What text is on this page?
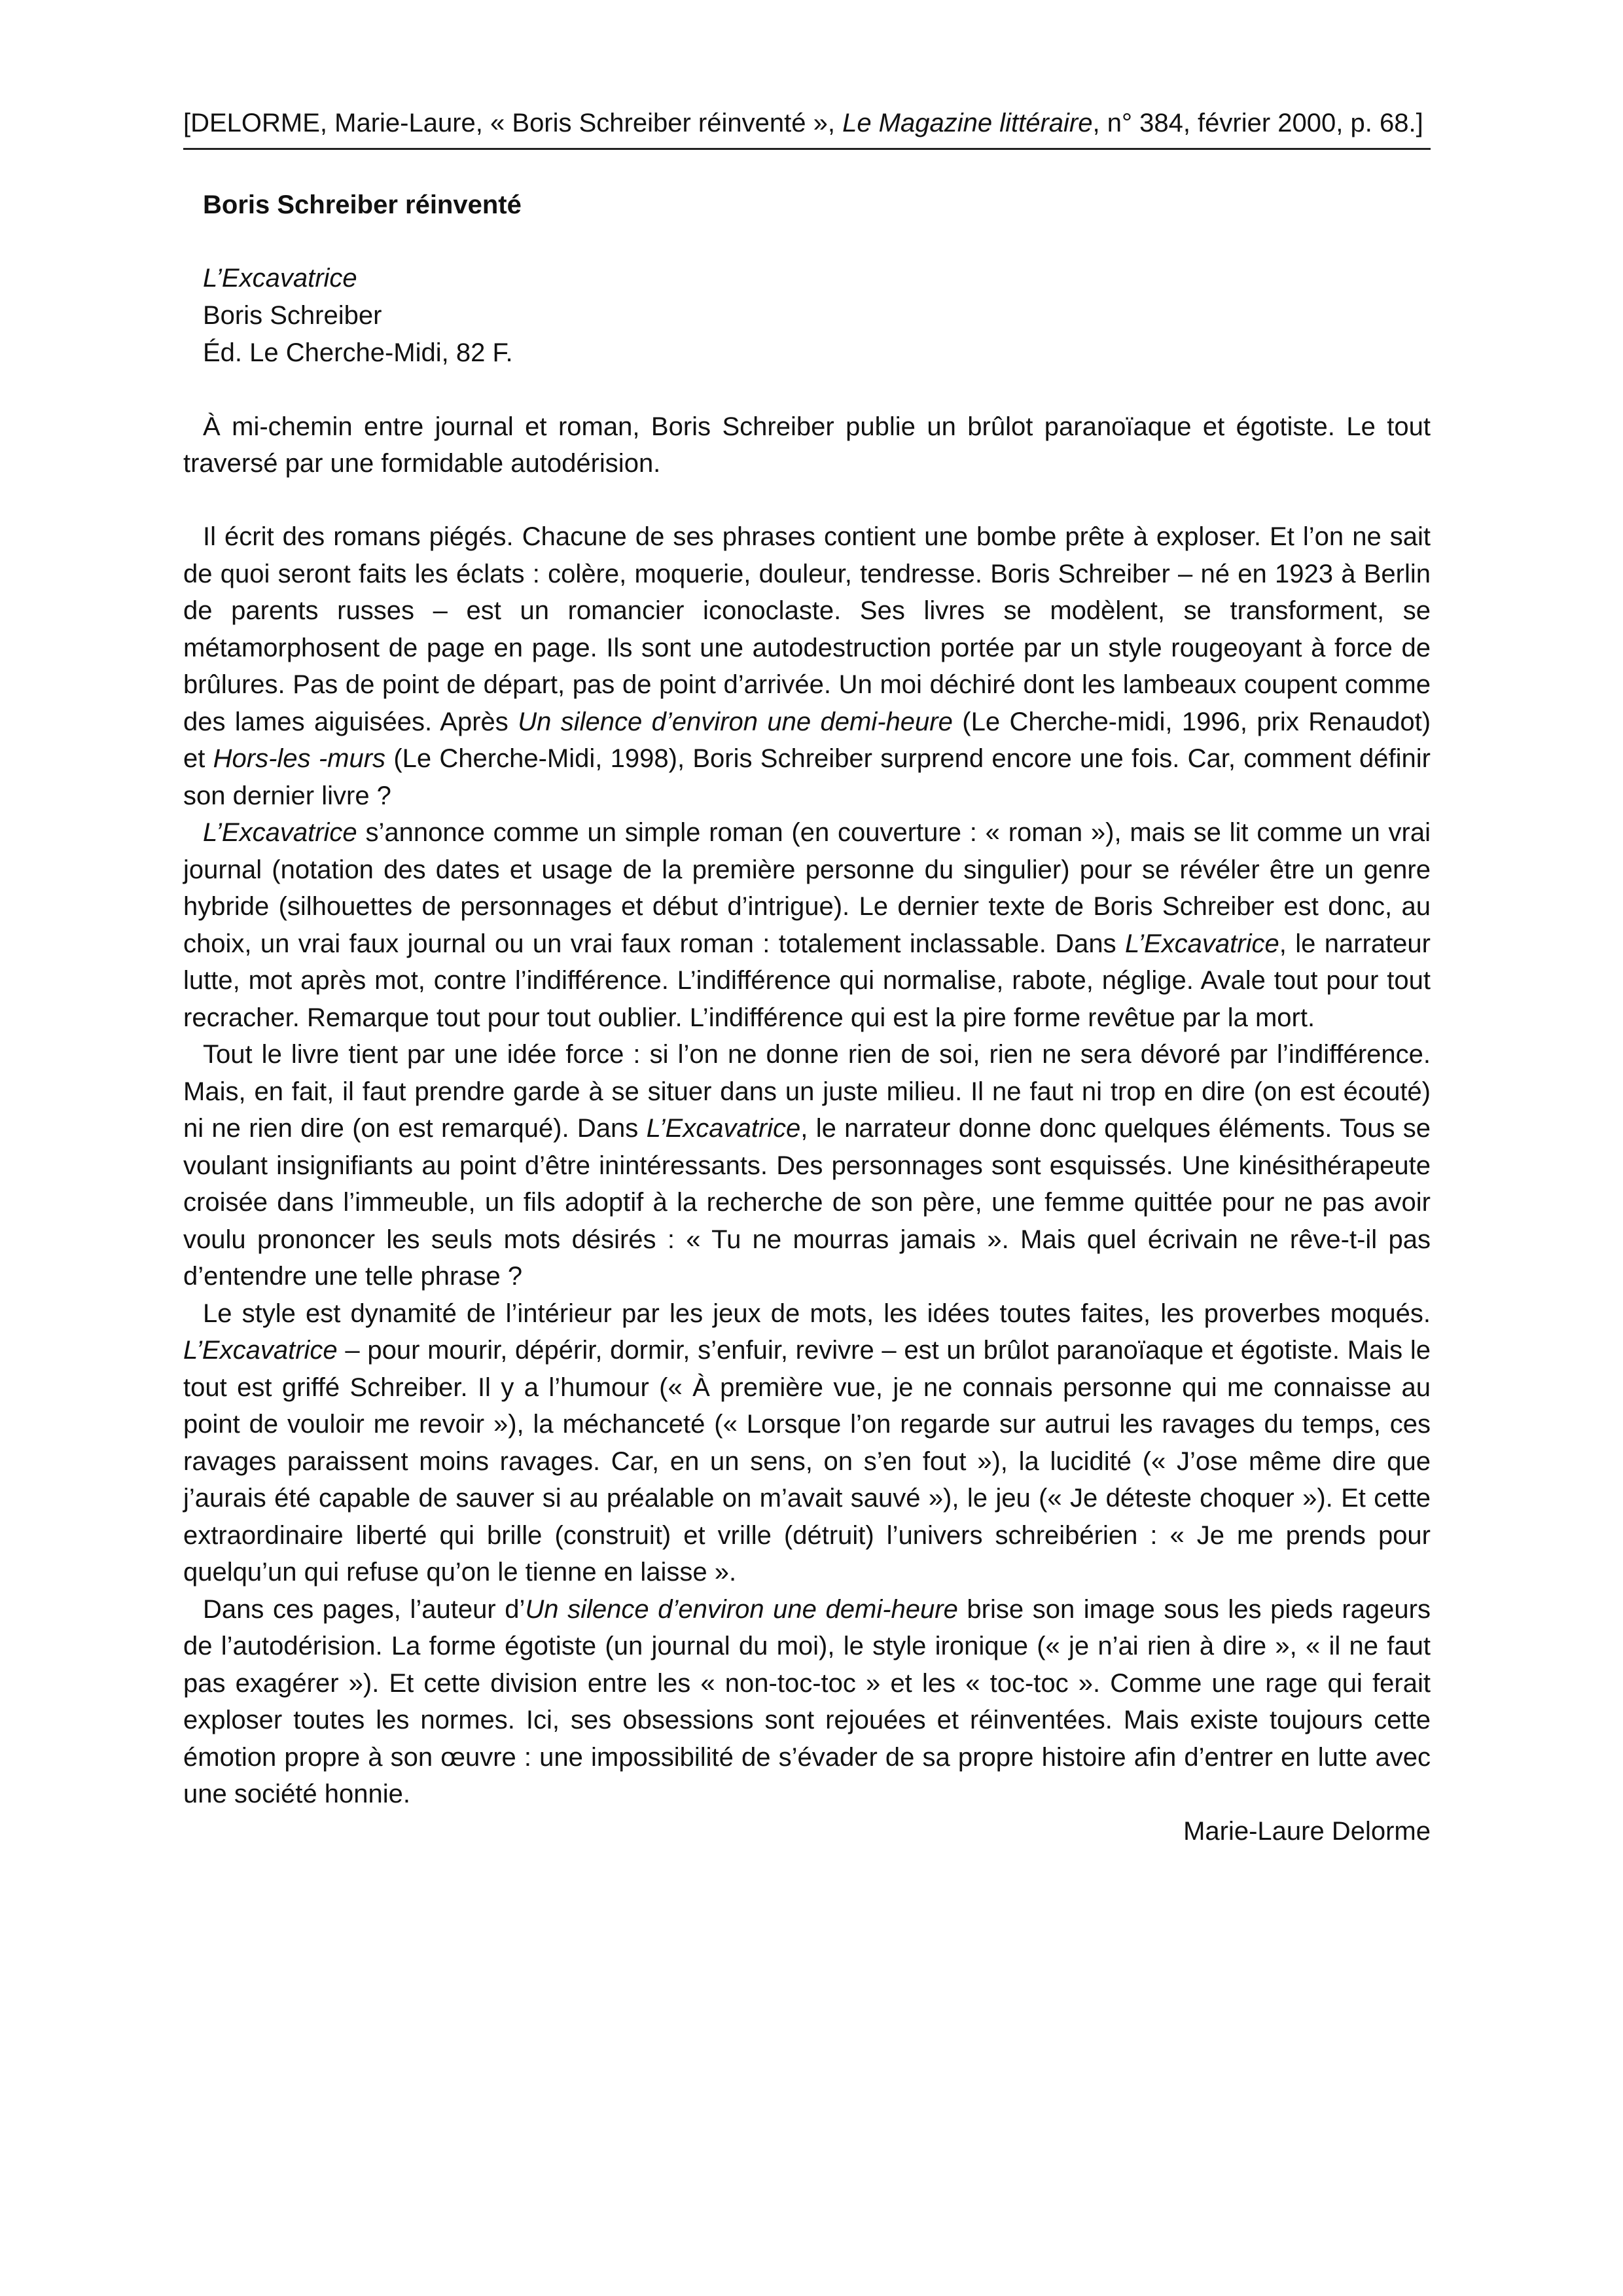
[DELORME, Marie-Laure, « Boris Schreiber réinventé », Le Magazine littéraire, n° 384, février 2000, p. 68.]
Boris Schreiber réinventé
L’Excavatrice
Boris Schreiber
Éd. Le Cherche-Midi, 82 F.

À mi-chemin entre journal et roman, Boris Schreiber publie un brûlot paranoïaque et égotiste. Le tout traversé par une formidable autodérision.

Il écrit des romans piégés. Chacune de ses phrases contient une bombe prête à exploser. Et l’on ne sait de quoi seront faits les éclats : colère, moquerie, douleur, tendresse. Boris Schreiber – né en 1923 à Berlin de parents russes – est un romancier iconoclaste. Ses livres se modèlent, se transforment, se métamorphosent de page en page. Ils sont une autodestruction portée par un style rougeoyant à force de brûlures. Pas de point de départ, pas de point d’arrivée. Un moi déchiré dont les lambeaux coupent comme des lames aiguisées. Après Un silence d’environ une demi-heure (Le Cherche-midi, 1996, prix Renaudot) et Hors-les -murs (Le Cherche-Midi, 1998), Boris Schreiber surprend encore une fois. Car, comment définir son dernier livre ?

L’Excavatrice s’annonce comme un simple roman (en couverture : « roman »), mais se lit comme un vrai journal (notation des dates et usage de la première personne du singulier) pour se révéler être un genre hybride (silhouettes de personnages et début d’intrigue). Le dernier texte de Boris Schreiber est donc, au choix, un vrai faux journal ou un vrai faux roman : totalement inclassable. Dans L’Excavatrice, le narrateur lutte, mot après mot, contre l’indifférence. L’indifférence qui normalise, rabote, néglige. Avale tout pour tout recracher. Remarque tout pour tout oublier. L’indifférence qui est la pire forme revêtue par la mort.

Tout le livre tient par une idée force : si l’on ne donne rien de soi, rien ne sera dévoré par l’indifférence. Mais, en fait, il faut prendre garde à se situer dans un juste milieu. Il ne faut ni trop en dire (on est écouté) ni ne rien dire (on est remarqué). Dans L’Excavatrice, le narrateur donne donc quelques éléments. Tous se voulant insignifiants au point d’être inintéressants. Des personnages sont esquissés. Une kinésithérapeute croisée dans l’immeuble, un fils adoptif à la recherche de son père, une femme quittée pour ne pas avoir voulu prononcer les seuls mots désirés : « Tu ne mourras jamais ». Mais quel écrivain ne rêve-t-il pas d’entendre une telle phrase ?

Le style est dynamité de l’intérieur par les jeux de mots, les idées toutes faites, les proverbes moqués. L’Excavatrice – pour mourir, dépérir, dormir, s’enfuir, revivre – est un brûlot paranoïaque et égotiste. Mais le tout est griffé Schreiber. Il y a l’humour (« À première vue, je ne connais personne qui me connaisse au point de vouloir me revoir »), la méchanceté (« Lorsque l’on regarde sur autrui les ravages du temps, ces ravages paraissent moins ravages. Car, en un sens, on s’en fout »), la lucidité (« J’ose même dire que j’aurais été capable de sauver si au préalable on m’avait sauvé »), le jeu (« Je déteste choquer »). Et cette extraordinaire liberté qui brille (construit) et vrille (détruit) l’univers schreibérien : « Je me prends pour quelqu’un qui refuse qu’on le tienne en laisse ».

Dans ces pages, l’auteur d’Un silence d’environ une demi-heure brise son image sous les pieds rageurs de l’autodérision. La forme égotiste (un journal du moi), le style ironique (« je n’ai rien à dire », « il ne faut pas exagérer »). Et cette division entre les « non-toc-toc » et les « toc-toc ». Comme une rage qui ferait exploser toutes les normes. Ici, ses obsessions sont rejouées et réinventées. Mais existe toujours cette émotion propre à son œuvre : une impossibilité de s’évader de sa propre histoire afin d’entrer en lutte avec une société honnie.

Marie-Laure Delorme
